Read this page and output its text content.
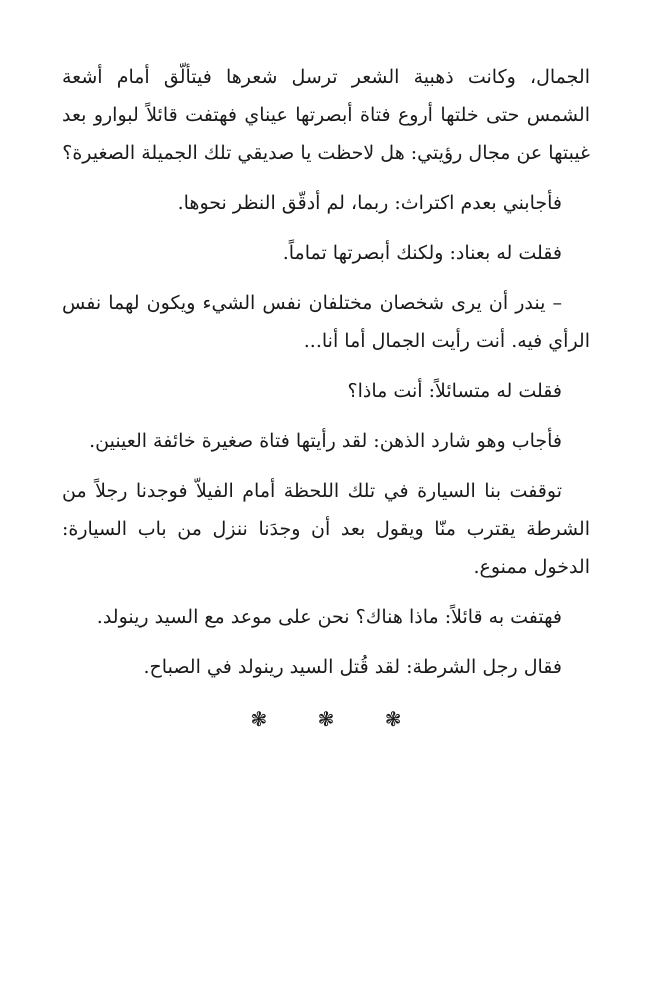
الجمال، وكانت ذهبية الشعر ترسل شعرها فيتألّق أمام أشعة الشمس حتى خلتها أروع فتاة أبصرتها عيناي فهتفت قائلاً لبوارو بعد غيبتها عن مجال رؤيتي: هل لاحظت يا صديقي تلك الجميلة الصغيرة؟

فأجابني بعدم اكتراث: ربما، لم أدقّق النظر نحوها.

فقلت له بعناد: ولكنك أبصرتها تماماً.

– يندر أن يرى شخصان مختلفان نفس الشيء ويكون لهما نفس الرأي فيه. أنت رأيت الجمال أما أنا...

فقلت له متسائلاً: أنت ماذا؟

فأجاب وهو شارد الذهن: لقد رأيتها فتاة صغيرة خائفة العينين.

توقفت بنا السيارة في تلك اللحظة أمام الفيلاّ فوجدنا رجلاً من الشرطة يقترب منّا ويقول بعد أن وجدَنا ننزل من باب السيارة: الدخول ممنوع.

فهتفت به قائلاً: ماذا هناك؟ نحن على موعد مع السيد رينولد.

فقال رجل الشرطة: لقد قُتل السيد رينولد في الصباح.

❃ ❃ ❃
